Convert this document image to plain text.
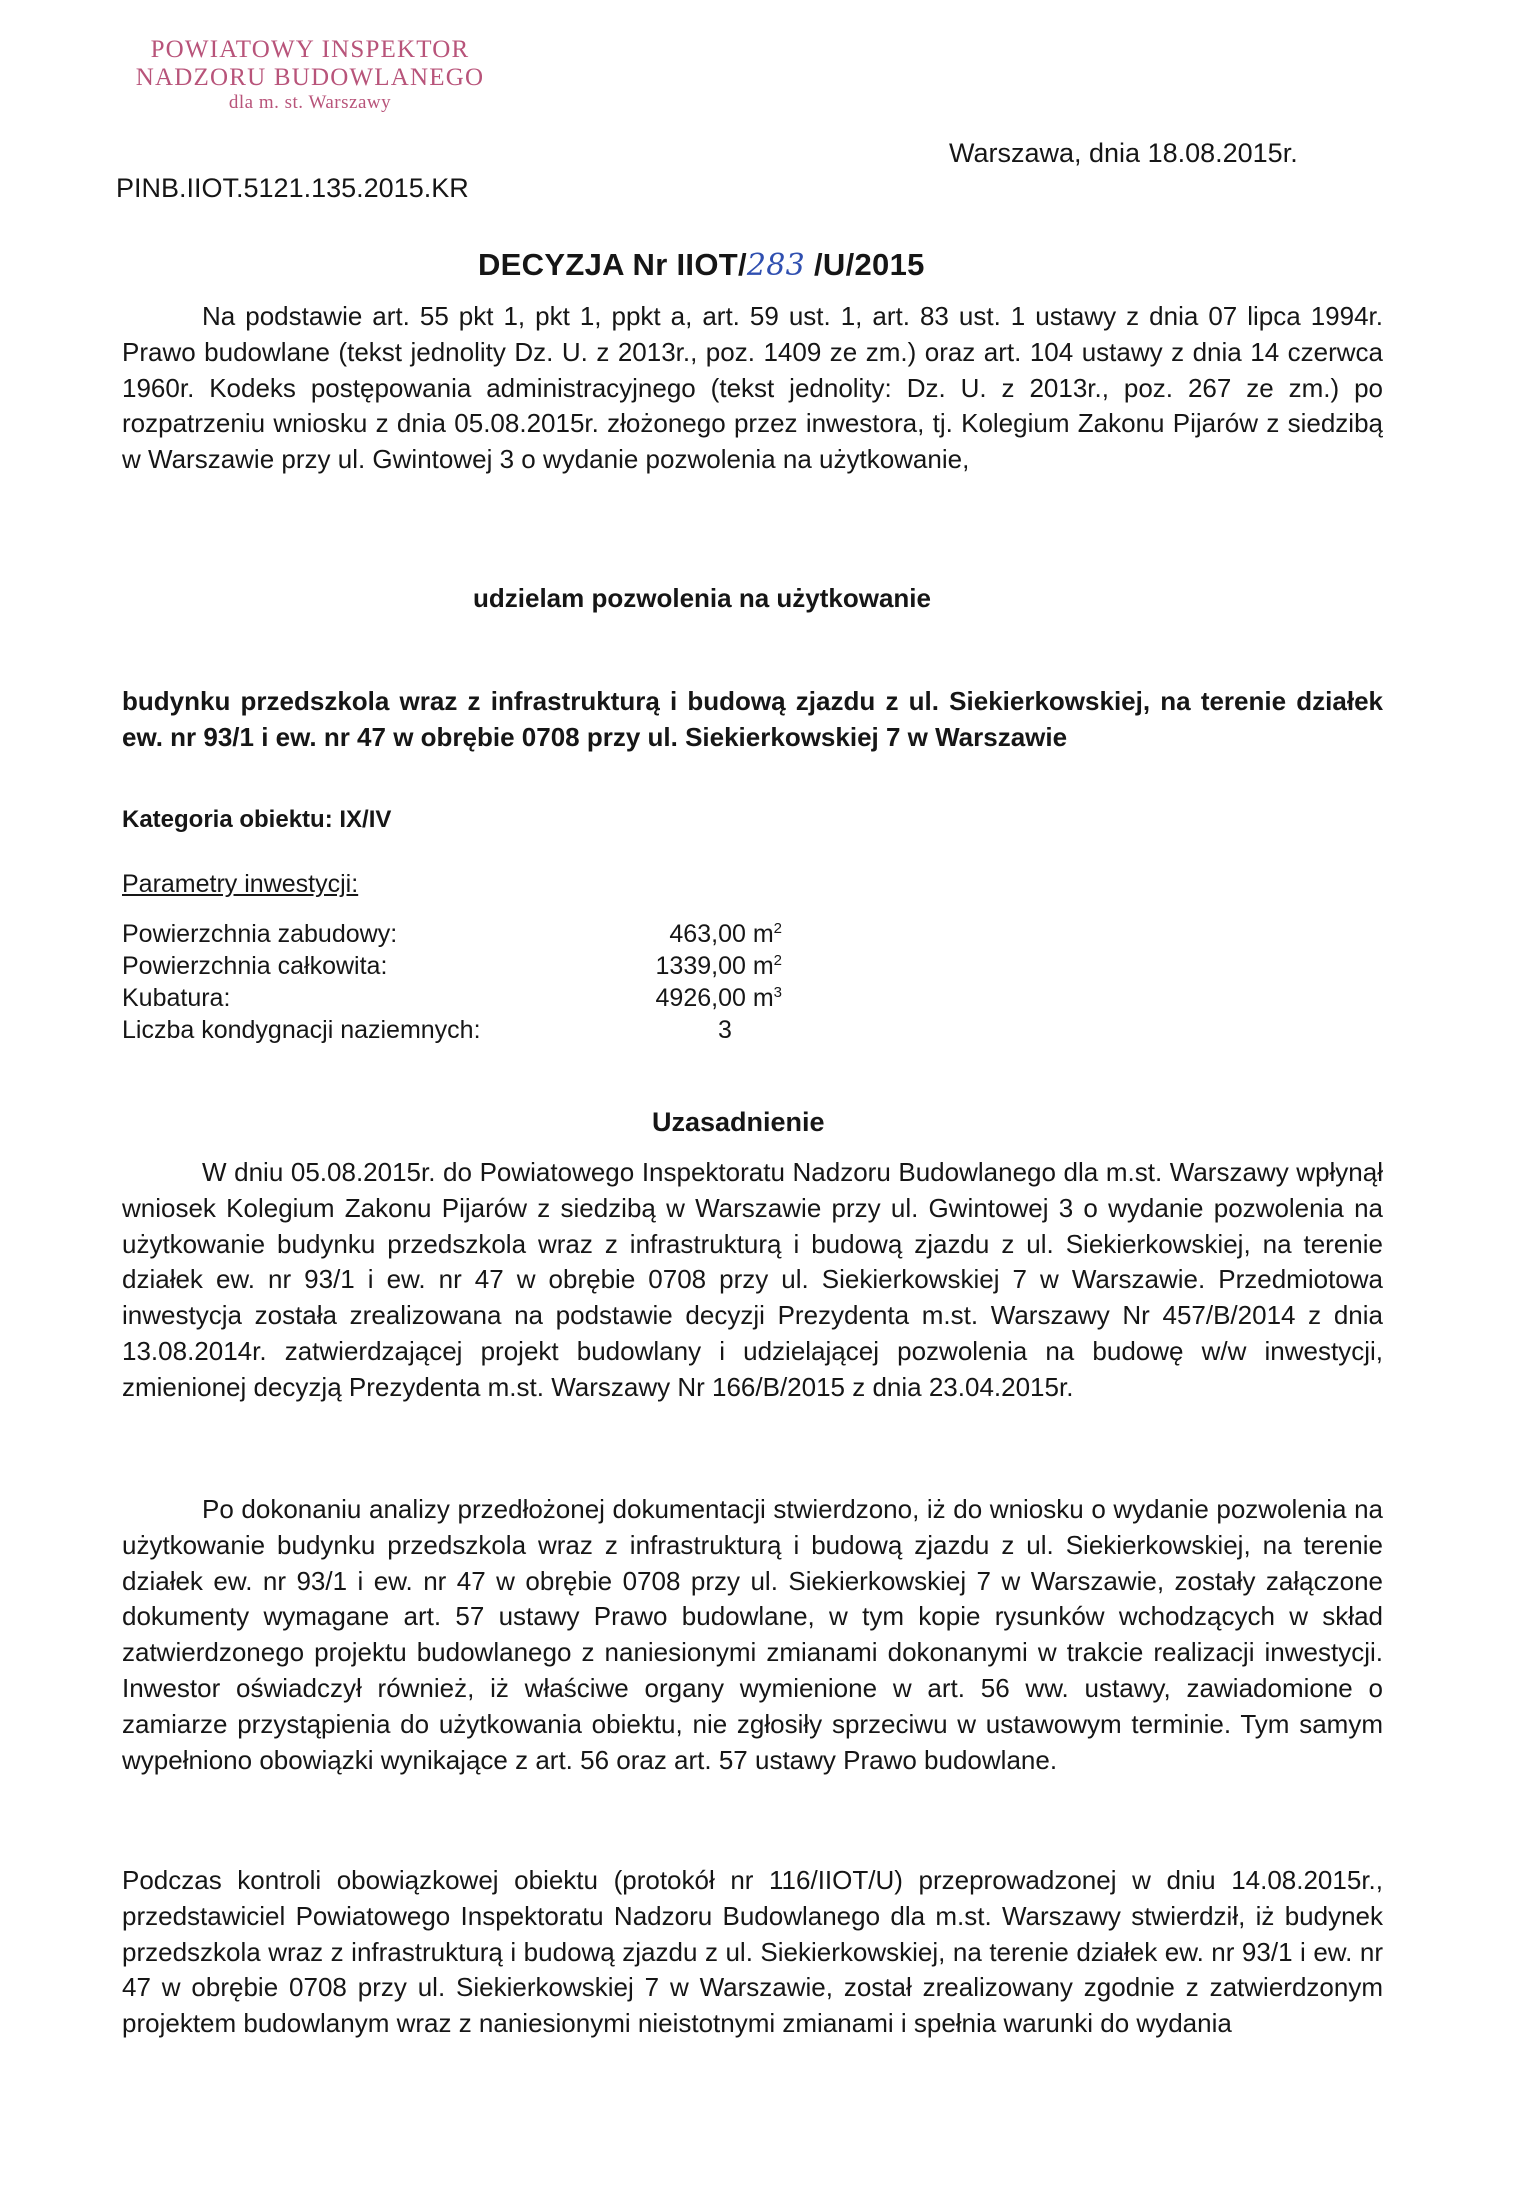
POWIATOWY INSPEKTOR
NADZORU BUDOWLANEGO
dla m. st. Warszawy
Warszawa, dnia 18.08.2015r.
PINB.IIOT.5121.135.2015.KR
DECYZJA Nr IIOT/283 /U/2015
Na podstawie art. 55 pkt 1, pkt 1, ppkt a, art. 59 ust. 1, art. 83 ust. 1 ustawy z dnia 07 lipca 1994r. Prawo budowlane (tekst jednolity Dz. U. z 2013r., poz. 1409 ze zm.) oraz art. 104 ustawy z dnia 14 czerwca 1960r. Kodeks postępowania administracyjnego (tekst jednolity: Dz. U. z 2013r., poz. 267 ze zm.) po rozpatrzeniu wniosku z dnia 05.08.2015r. złożonego przez inwestora, tj. Kolegium Zakonu Pijarów z siedzibą w Warszawie przy ul. Gwintowej 3 o wydanie pozwolenia na użytkowanie,
udzielam pozwolenia na użytkowanie
budynku przedszkola wraz z infrastrukturą i budową zjazdu z ul. Siekierkowskiej, na terenie działek ew. nr 93/1 i ew. nr 47 w obrębie 0708 przy ul. Siekierkowskiej 7 w Warszawie
Kategoria obiektu: IX/IV
Parametry inwestycji:
Powierzchnia zabudowy:	463,00 $m^2$
Powierzchnia całkowita:	1339,00 $m^2$
Kubatura:	4926,00 $m^3$
Liczba kondygnacji naziemnych:	3
Uzasadnienie
W dniu 05.08.2015r. do Powiatowego Inspektoratu Nadzoru Budowlanego dla m.st. Warszawy wpłynął wniosek Kolegium Zakonu Pijarów z siedzibą w Warszawie przy ul. Gwintowej 3 o wydanie pozwolenia na użytkowanie budynku przedszkola wraz z infrastrukturą i budową zjazdu z ul. Siekierkowskiej, na terenie działek ew. nr 93/1 i ew. nr 47 w obrębie 0708 przy ul. Siekierkowskiej 7 w Warszawie. Przedmiotowa inwestycja została zrealizowana na podstawie decyzji Prezydenta m.st. Warszawy Nr 457/B/2014 z dnia 13.08.2014r. zatwierdzającej projekt budowlany i udzielającej pozwolenia na budowę w/w inwestycji, zmienionej decyzją Prezydenta m.st. Warszawy Nr 166/B/2015 z dnia 23.04.2015r.
Po dokonaniu analizy przedłożonej dokumentacji stwierdzono, iż do wniosku o wydanie pozwolenia na użytkowanie budynku przedszkola wraz z infrastrukturą i budową zjazdu z ul. Siekierkowskiej, na terenie działek ew. nr 93/1 i ew. nr 47 w obrębie 0708 przy ul. Siekierkowskiej 7 w Warszawie, zostały załączone dokumenty wymagane art. 57 ustawy Prawo budowlane, w tym kopie rysunków wchodzących w skład zatwierdzonego projektu budowlanego z naniesionymi zmianami dokonanymi w trakcie realizacji inwestycji. Inwestor oświadczył również, iż właściwe organy wymienione w art. 56 ww. ustawy, zawiadomione o zamiarze przystąpienia do użytkowania obiektu, nie zgłosiły sprzeciwu w ustawowym terminie. Tym samym wypełniono obowiązki wynikające z art. 56 oraz art. 57 ustawy Prawo budowlane.
Podczas kontroli obowiązkowej obiektu (protokół nr 116/IIOT/U) przeprowadzonej w dniu 14.08.2015r., przedstawiciel Powiatowego Inspektoratu Nadzoru Budowlanego dla m.st. Warszawy stwierdził, iż budynek przedszkola wraz z infrastrukturą i budową zjazdu z ul. Siekierkowskiej, na terenie działek ew. nr 93/1 i ew. nr 47 w obrębie 0708 przy ul. Siekierkowskiej 7 w Warszawie, został zrealizowany zgodnie z zatwierdzonym projektem budowlanym wraz z naniesionymi nieistotnymi zmianami i spełnia warunki do wydania
